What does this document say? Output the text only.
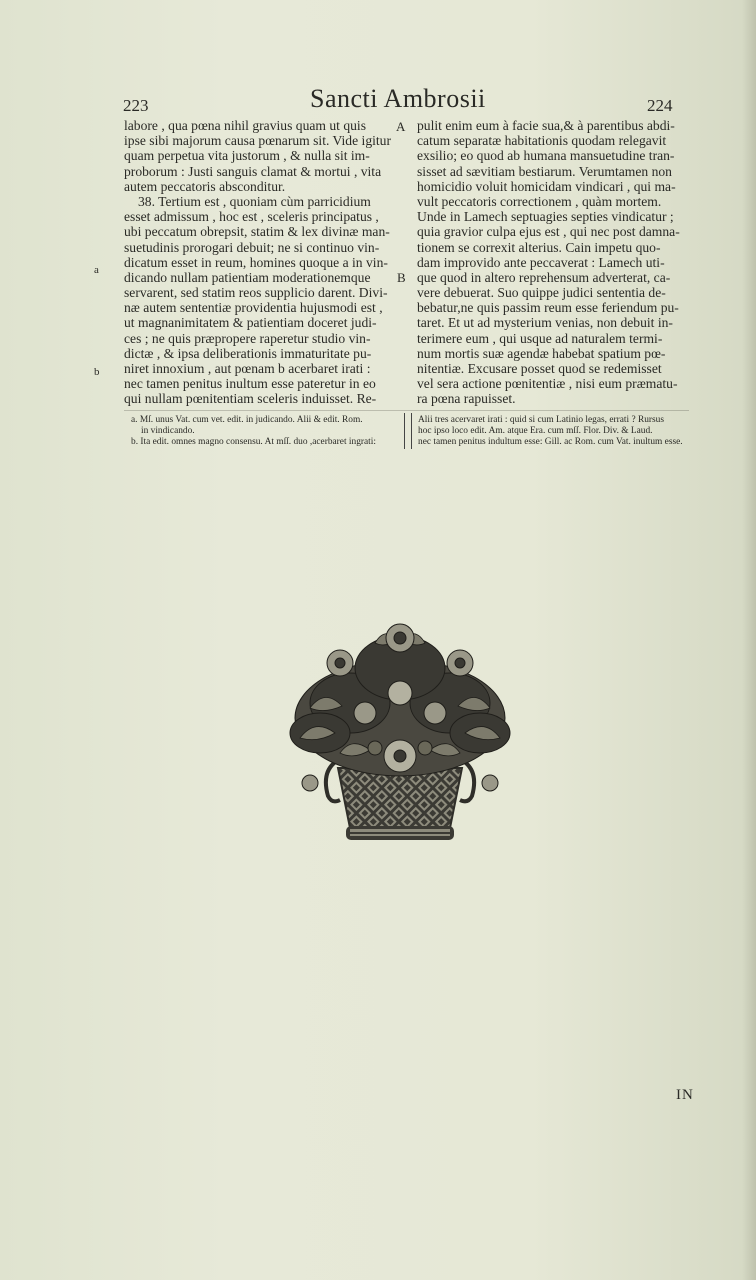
223	Sancti Ambrosii	224
labore , qua pœna nihil gravius quam ut quis
ipse sibi majorum causa pœnarum sit. Vide igitur
quam perpetua vita justorum , & nulla sit im-
proborum : Justi sanguis clamat & mortui , vita
autem peccatoris absconditur.
38. Tertium est , quoniam cùm parricidium
esset admissum , hoc est , sceleris principatus ,
ubi peccatum obrepsit, statim & lex divinæ man-
suetudinis prorogari debuit; ne si continuo vin-
dicatum esset in reum, homines quoque a in vin-
dicando nullam patientiam moderationemque
servarent, sed statim reos supplicio darent. Divi-
næ autem sententiæ providentia hujusmodi est ,
ut magnanimitatem & patientiam doceret judi-
ces ; ne quis præpropere raperetur studio vin-
dictæ , & ipsa deliberationis immaturitate pu-
niret innoxium , aut pœnam b acerbaret irati :
nec tamen penitus inultum esse pateretur in eo
qui nullam pœnitentiam sceleris induisset. Re-
A
B
a
b
pulit enim eum à facie sua,& à parentibus abdi-
catum separatæ habitationis quodam relegavit
exsilio; eo quod ab humana mansuetudine tran-
sisset ad sævitiam bestiarum. Verumtamen non
homicidio voluit homicidam vindicari , qui ma-
vult peccatoris correctionem , quàm mortem.
Unde in Lamech septuagies septies vindicatur ;
quia gravior culpa ejus est , qui nec post damna-
tionem se correxit alterius. Cain impetu quo-
dam improvido ante peccaverat : Lamech uti-
que quod in altero reprehensum adverterat, ca-
vere debuerat. Suo quippe judici sententia de-
bebatur,ne quis passim reum esse feriendum pu-
taret. Et ut ad mysterium venias, non debuit in-
terimere eum , qui usque ad naturalem termi-
num mortis suæ agendæ habebat spatium pœ-
nitentiæ. Excusare posset quod se redemisset
vel sera actione pœnitentiæ , nisi eum præmatu-
ra pœna rapuisset.
a. Mſ. unus Vat. cum vet. edit. in judicando. Alii & edit. Rom.
in vindicando.
b. Ita edit. omnes magno consensu. At mſſ. duo ,acerbaret ingrati:
Alii tres acervaret irati : quid si cum Latinio legas, errati ? Rursus
hoc ipso loco edit. Am. atque Era. cum mſſ. Flor. Div. & Laud.
nec tamen penitus indultum esse: Gill. ac Rom. cum Vat. inultum esse.
IN
